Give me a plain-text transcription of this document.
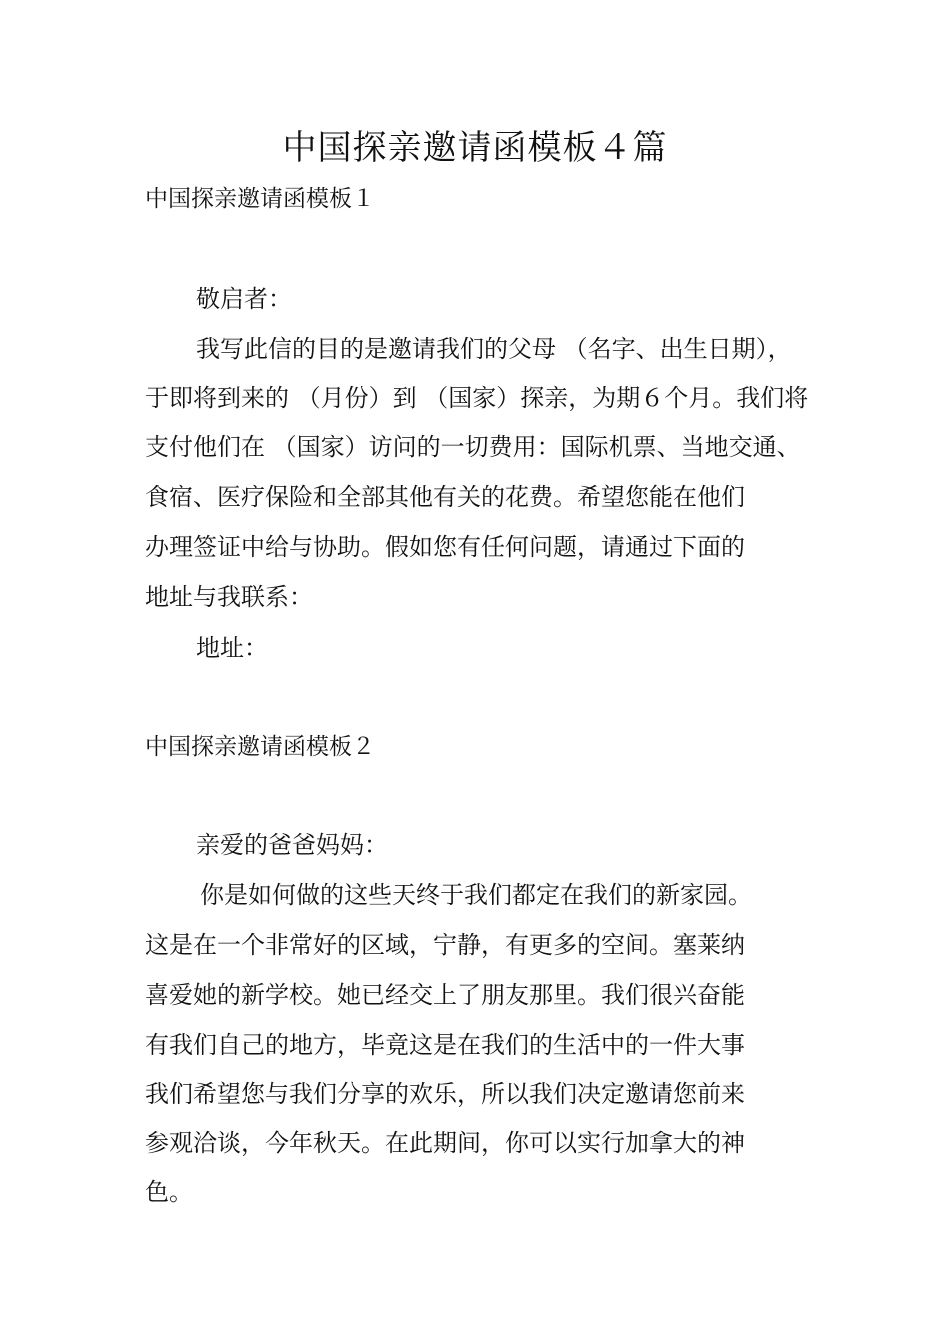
中国探亲邀请函模板４篇
中国探亲邀请函模板１
敬启者：
我写此信的目的是邀请我们的父母 （名字、出生日期），
于即将到来的 （月份）到 （国家）探亲，为期６个月。我们将
支付他们在 （国家）访问的一切费用：国际机票、当地交通、
食宿、医疗保险和全部其他有关的花费。希望您能在他们
办理签证中给与协助。假如您有任何问题，请通过下面的
地址与我联系：
地址：
中国探亲邀请函模板２
亲爱的爸爸妈妈：
你是如何做的这些天终于我们都定在我们的新家园。
这是在一个非常好的区域，宁静，有更多的空间。塞莱纳
喜爱她的新学校。她已经交上了朋友那里。我们很兴奋能
有我们自己的地方，毕竟这是在我们的生活中的一件大事
我们希望您与我们分享的欢乐，所以我们决定邀请您前来
参观洽谈，今年秋天。在此期间，你可以实行加拿大的神
色。
